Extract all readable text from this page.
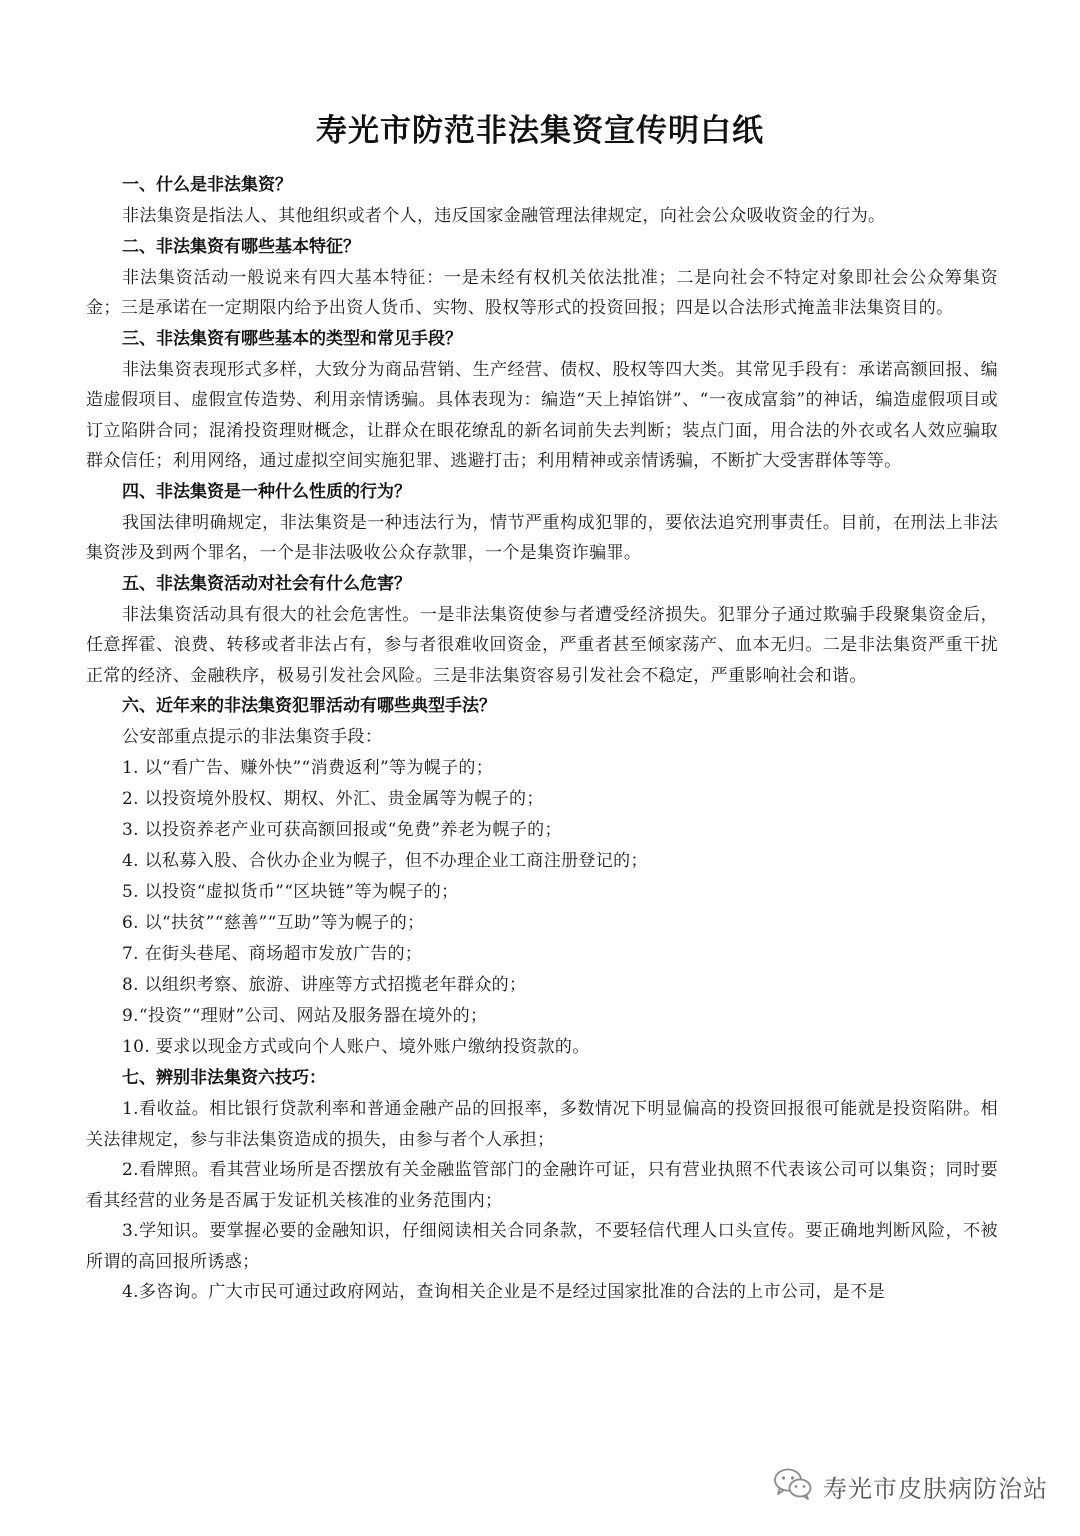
寿光市防范非法集资宣传明白纸
一、什么是非法集资？

非法集资是指法人、其他组织或者个人，违反国家金融管理法律规定，向社会公众吸收资金的行为。

二、非法集资有哪些基本特征？

非法集资活动一般说来有四大基本特征：一是未经有权机关依法批准；二是向社会不特定对象即社会公众筹集资金；三是承诺在一定期限内给予出资人货币、实物、股权等形式的投资回报；四是以合法形式掩盖非法集资目的。

三、非法集资有哪些基本的类型和常见手段？

非法集资表现形式多样，大致分为商品营销、生产经营、债权、股权等四大类。其常见手段有：承诺高额回报、编造虚假项目、虚假宣传造势、利用亲情诱骗。具体表现为：编造“天上掉馅饼”、“一夜成富翁”的神话，编造虚假项目或订立陷阱合同；混淆投资理财概念，让群众在眼花缭乱的新名词前失去判断；装点门面，用合法的外衣或名人效应骗取群众信任；利用网络，通过虚拟空间实施犯罪、逃避打击；利用精神或亲情诱骗，不断扩大受害群体等等。

四、非法集资是一种什么性质的行为？

我国法律明确规定，非法集资是一种违法行为，情节严重构成犯罪的，要依法追究刑事责任。目前，在刑法上非法集资涉及到两个罪名，一个是非法吸收公众存款罪，一个是集资诈骗罪。

五、非法集资活动对社会有什么危害？

非法集资活动具有很大的社会危害性。一是非法集资使参与者遭受经济损失。犯罪分子通过欺骗手段聚集资金后，任意挥霍、浪费、转移或者非法占有，参与者很难收回资金，严重者甚至倾家荡产、血本无归。二是非法集资严重干扰正常的经济、金融秩序，极易引发社会风险。三是非法集资容易引发社会不稳定，严重影响社会和谐。

六、近年来的非法集资犯罪活动有哪些典型手法？
公安部重点提示的非法集资手段：
1. 以“看广告、赚外快”“消费返利”等为幌子的；
2. 以投资境外股权、期权、外汇、贵金属等为幌子的；
3. 以投资养老产业可获高额回报或“免费”养老为幌子的；
4. 以私募入股、合伙办企业为幌子，但不办理企业工商注册登记的；
5. 以投资“虚拟货币”“区块链”等为幌子的；
6. 以“扶贫”“慈善”“互助”等为幌子的；
7. 在街头巷尾、商场超市发放广告的；
8. 以组织考察、旅游、讲座等方式招揽老年群众的；
9.“投资”“理财”公司、网站及服务器在境外的；
10. 要求以现金方式或向个人账户、境外账户缴纳投资款的。
七、辨别非法集资六技巧：

1.看收益。相比银行贷款利率和普通金融产品的回报率，多数情况下明显偏高的投资回报很可能就是投资陷阱。相关法律规定，参与非法集资造成的损失，由参与者个人承担；

2.看牌照。看其营业场所是否摆放有关金融监管部门的金融许可证，只有营业执照不代表该公司可以集资；同时要看其经营的业务是否属于发证机关核准的业务范围内；

3.学知识。要掌握必要的金融知识，仔细阅读相关合同条款，不要轻信代理人口头宣传。要正确地判断风险，不被所谓的高回报所诱惑；

4.多咨询。广大市民可通过政府网站，查询相关企业是不是经过国家批准的合法的上市公司，是不是

寿光市皮肤病防治站
